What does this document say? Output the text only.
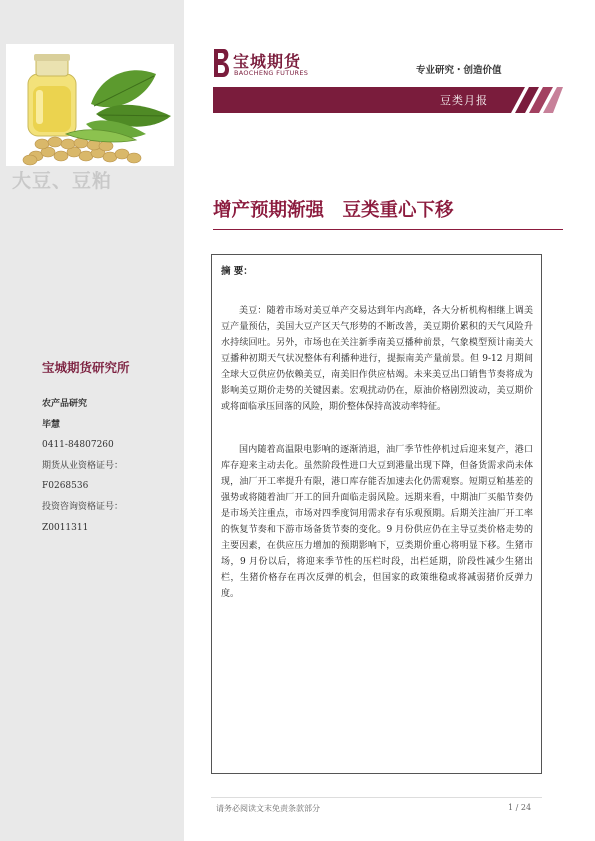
大豆、豆粕
宝城期货研究所
农产品研究
毕慧
0411-84807260
期货从业资格证号：
F0268536
投资咨询资格证号：
Z0011311
宝城期货
BAOCHENG FUTURES	专业研究・创造价值
豆类月报
增产预期渐强　豆类重心下移
摘 要：

美豆：随着市场对美豆单产交易达到年内高峰，各大分析机构相继上调美豆产量预估，美国大豆产区天气形势的不断改善，美豆期价累积的天气风险升水持续回吐。另外，市场也在关注新季南美豆播种前景，气象模型预计南美大豆播种初期天气状况整体有利播种进行，提振南美产量前景。但 9-12 月期间全球大豆供应仍依赖美豆，南美旧作供应枯竭。未来美豆出口销售节奏将成为影响美豆期价走势的关键因素。宏观扰动仍在，原油价格剧烈波动，美豆期价或将面临承压回落的风险，期价整体保持高波动率特征。

国内随着高温限电影响的逐渐消退，油厂季节性停机过后迎来复产，港口库存迎来主动去化。虽然阶段性进口大豆到港量出现下降，但备货需求尚未体现，油厂开工率提升有限，港口库存能否加速去化仍需观察。短期豆粕基差的强势或将随着油厂开工的回升面临走弱风险。远期来看，中期油厂买船节奏仍是市场关注重点，市场对四季度饲用需求存有乐观预期。后期关注油厂开工率的恢复节奏和下游市场备货节奏的变化。9 月份供应仍在主导豆类价格走势的主要因素，在供应压力增加的预期影响下，豆类期价重心将明显下移。生猪市场，9 月份以后，将迎来季节性的压栏时段，出栏延期，阶段性减少生猪出栏，生猪价格存在再次反弹的机会，但国家的政策维稳或将减弱猪价反弹力度。

请务必阅读文末免责条款部分	1 / 24
